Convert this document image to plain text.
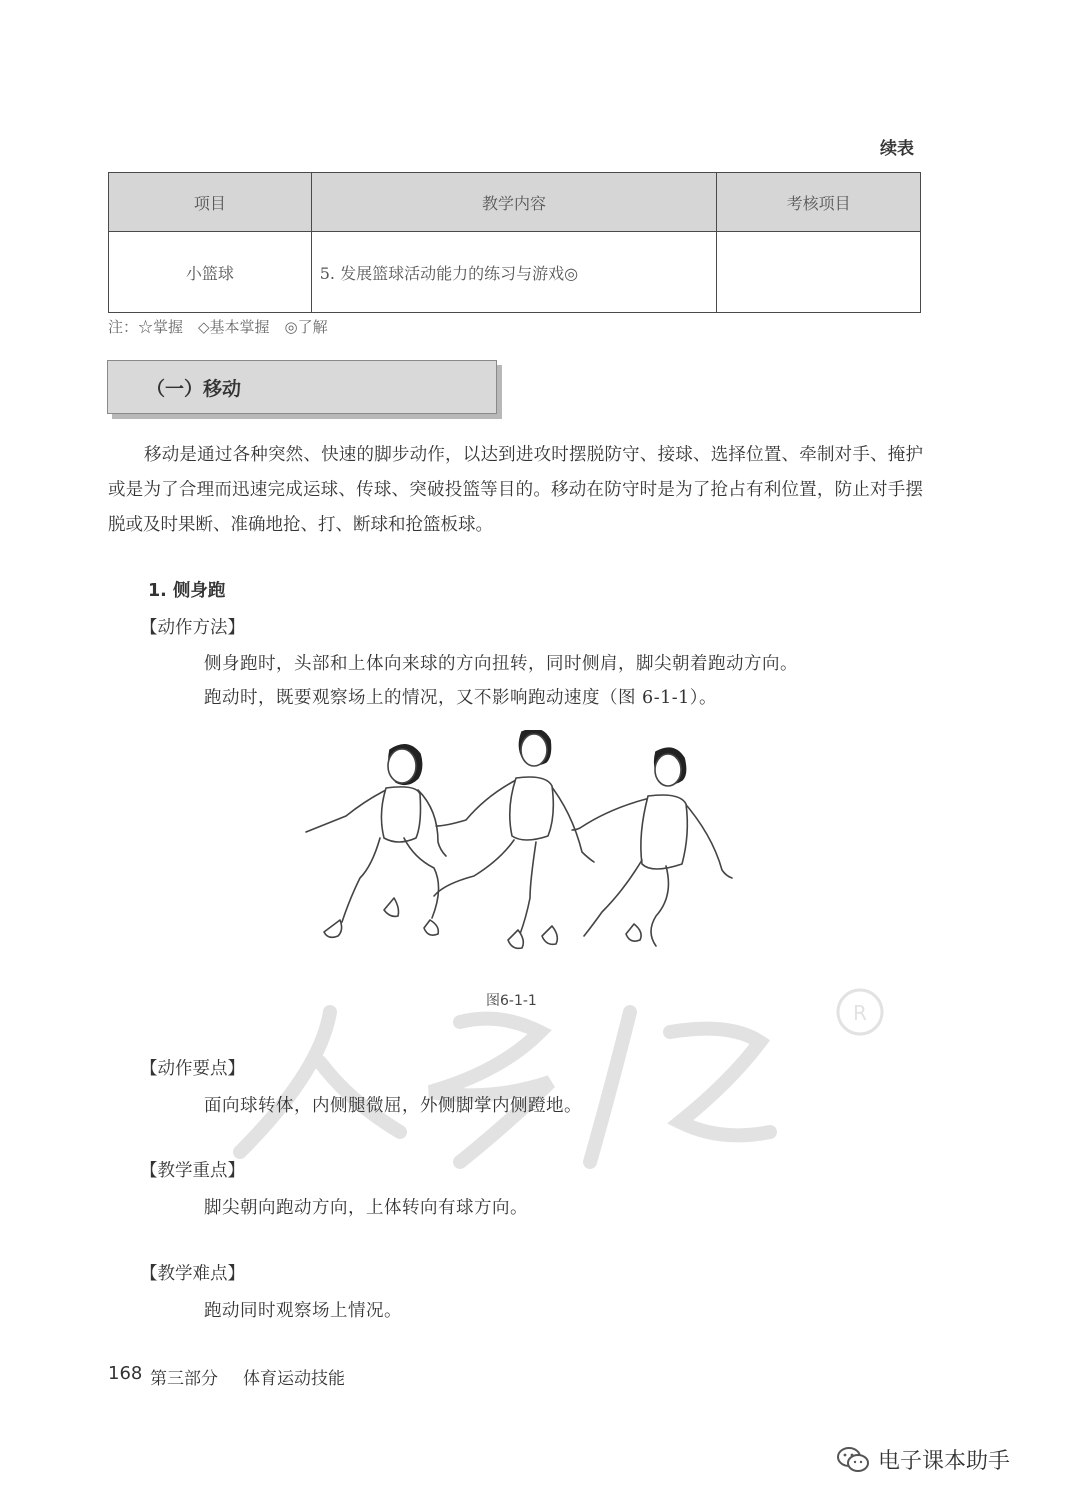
续表
项目	教学内容	考核项目
小篮球	5. 发展篮球活动能力的练习与游戏◎	
注：☆掌握　◇基本掌握　◎了解
（一）移动
移动是通过各种突然、快速的脚步动作，以达到进攻时摆脱防守、接球、选择位置、牵制对手、掩护或是为了合理而迅速完成运球、传球、突破投篮等目的。移动在防守时是为了抢占有利位置，防止对手摆脱或及时果断、准确地抢、打、断球和抢篮板球。
1. 侧身跑
【动作方法】
侧身跑时，头部和上体向来球的方向扭转，同时侧肩，脚尖朝着跑动方向。
跑动时，既要观察场上的情况，又不影响跑动速度（图 6-1-1）。
图6-1-1	R
【动作要点】
面向球转体，内侧腿微屈，外侧脚掌内侧蹬地。
【教学重点】
脚尖朝向跑动方向，上体转向有球方向。
【教学难点】
跑动同时观察场上情况。
168 第三部分 体育运动技能
电子课本助手
